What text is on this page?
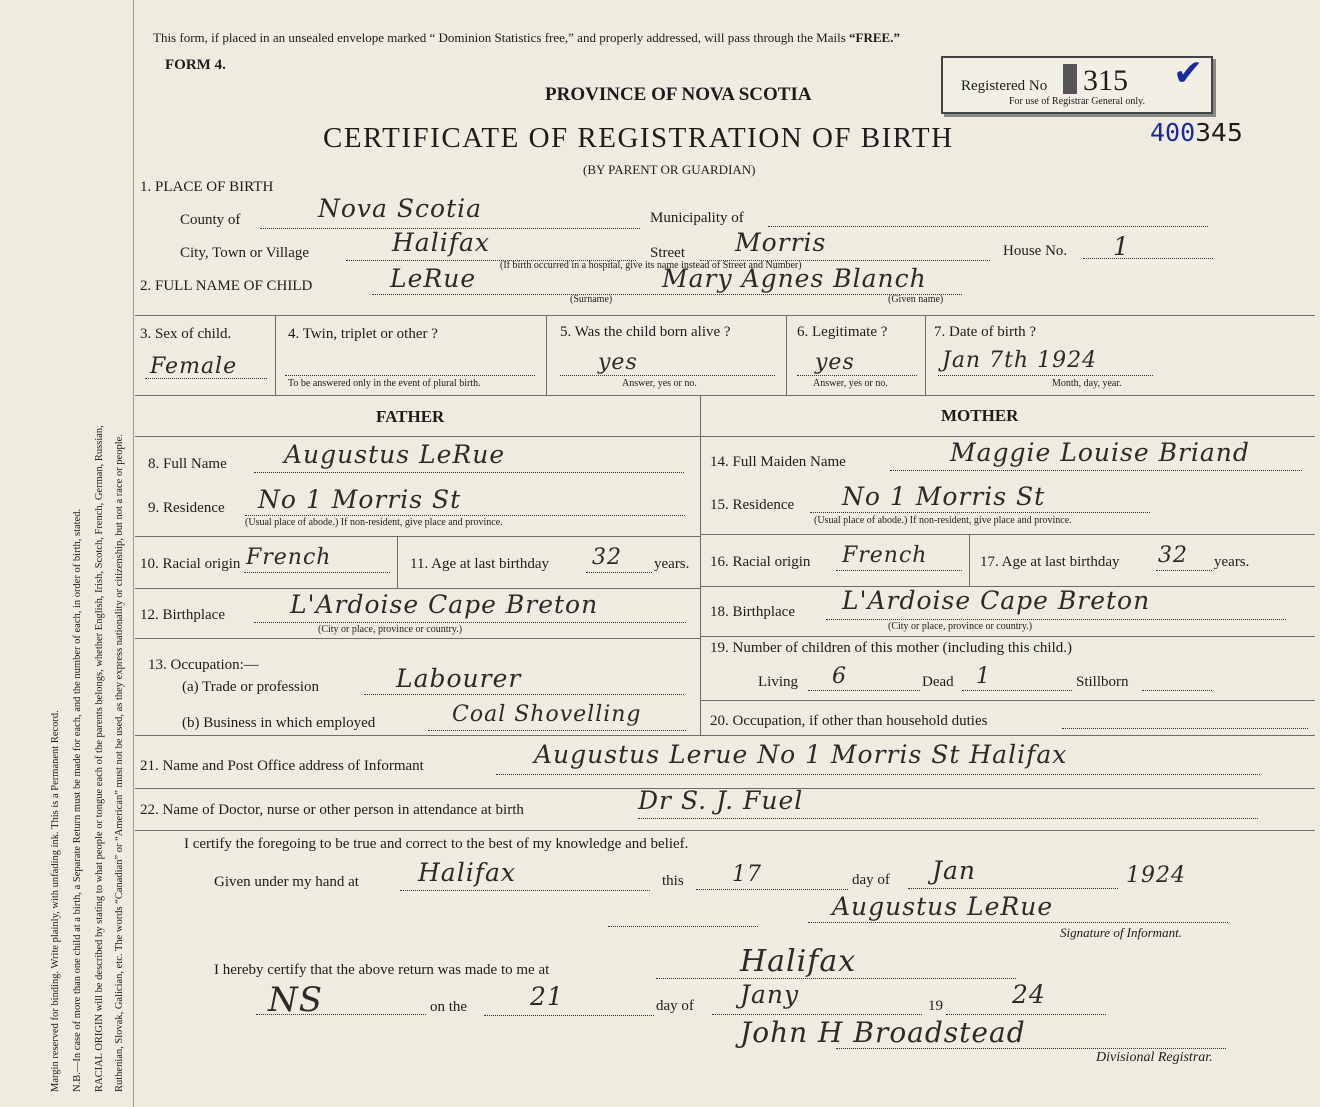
Margin reserved for binding. Write plainly, with unfading ink. This is a Permanent Record. N.B.—In case of more than one child at a birth, a Separate Return must be made for each, and the number of each, in order of birth, stated. RACIAL ORIGIN will be described by stating to what people or tongue each of the parents belongs, whether English, Irish, Scotch, French, German, Russian, Ruthenian, Slovak, Galician, etc. The words “Canadian” or “American” must not be used, as they express nationality or citizenship, but not a race or people.
This form, if placed in an unsealed envelope marked “ Dominion Statistics free,” and properly addressed, will pass through the Mails “FREE.”
FORM 4.
PROVINCE OF NOVA SCOTIA
CERTIFICATE OF REGISTRATION OF BIRTH
(BY PARENT OR GUARDIAN)
Registered No 315
For use of Registrar General only.
✔
400345
1. PLACE OF BIRTH
County of	Nova Scotia	Municipality of
City, Town or Village	Halifax	Street Morris	House No. 1
(If birth occurred in a hospital, give its name instead of Street and Number)
2. FULL NAME OF CHILD	LeRue	Mary Agnes Blanch
(Surname)	(Given name)
3. Sex of child.
Female
4. Twin, triplet or other ?
To be answered only in the event of plural birth.
5. Was the child born alive ?
yes
Answer, yes or no.
6. Legitimate ?
yes
Answer, yes or no.
7. Date of birth ?
Jan 7th 1924
Month, day, year.
FATHER	MOTHER
8. Full Name Augustus LeRue
9. Residence No 1 Morris St
(Usual place of abode.) If non-resident, give place and province.
10. Racial origin French	11. Age at last birthday 32 years.
12. Birthplace	L'Ardoise Cape Breton
(City or place, province or country.)
13. Occupation:—
(a) Trade or profession	Labourer
(b) Business in which employed	Coal Shovelling
14. Full Maiden Name	Maggie Louise Briand
15. Residence No 1 Morris St
(Usual place of abode.) If non-resident, give place and province.
16. Racial origin French	17. Age at last birthday 32 years.
18. Birthplace L'Ardoise Cape Breton
(City or place, province or country.)
19. Number of children of this mother (including this child.)
Living 6	Dead 1	Stillborn
20. Occupation, if other than household duties
21. Name and Post Office address of Informant	Augustus Lerue No 1 Morris St Halifax
22. Name of Doctor, nurse or other person in attendance at birth	Dr S. J. Fuel
I certify the foregoing to be true and correct to the best of my knowledge and belief.
Given under my hand at Halifax	this 17	day of Jan	1924
Augustus LeRue
Signature of Informant.
I hereby certify that the above return was made to me at	Halifax
NS	on the	21	day of Jany	19	24
John H Broadstead
Divisional Registrar.
